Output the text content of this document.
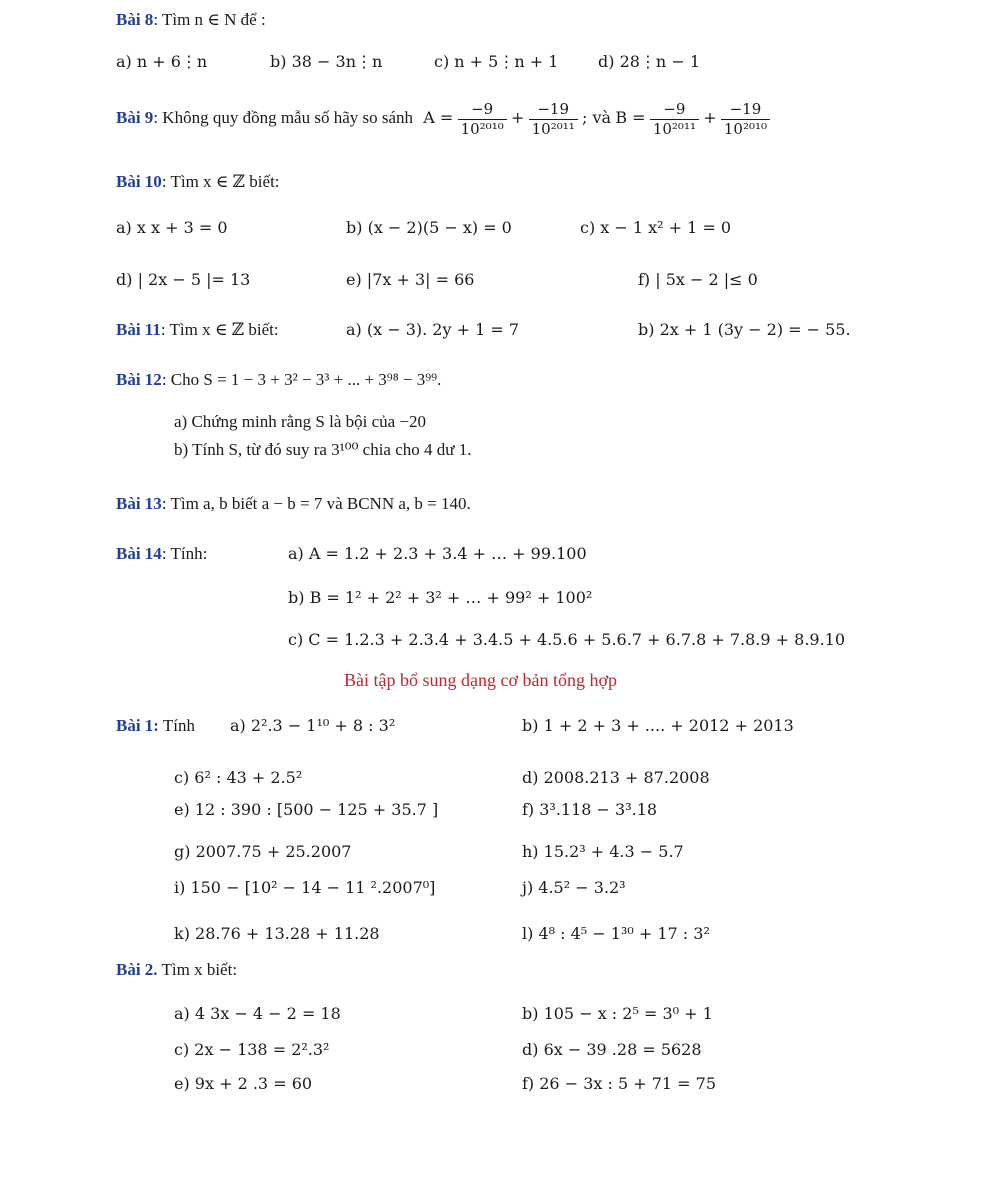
Bài 8: Tìm n ∈ N để :
a) n + 6⋮n	b) 38 − 3n⋮n	c) n + 5⋮n + 1 d) 28⋮n − 1
Bài 9: Không quy đồng mẫu số hãy so sánh $A = \frac{-9}{\text{10²⁰¹⁰}} + \frac{-19}{\text{10²⁰¹¹}}$ ; và $B = \frac{-9}{\text{10²⁰¹¹}} + \frac{-19}{\text{10²⁰¹⁰}}$
Bài 10: Tìm x ∈ ℤ biết:
a) x x + 3 = 0	b) (x − 2)(5 − x) = 0	c) x − 1 x² + 1 = 0
d) | 2x − 5 |= 13	e) |7x + 3| = 66	f) | 5x − 2 |≤ 0
Bài 11: Tìm x ∈ ℤ biết:	a) (x − 3). 2y + 1 = 7	b) 2x + 1 (3y − 2) = − 55.
Bài 12: Cho S = 1 − 3 + 3² − 3³ + ... + 3⁹⁸ − 3⁹⁹.
a) Chứng minh rằng S là bội của −20
b) Tính S, từ đó suy ra 3¹⁰⁰ chia cho 4 dư 1.
Bài 13: Tìm a, b biết a − b = 7 và BCNN a, b = 140.
Bài 14: Tính:	a) A = 1.2 + 2.3 + 3.4 + … + 99.100
b) B = 1² + 2² + 3² + … + 99² + 100²
c) C = 1.2.3 + 2.3.4 + 3.4.5 + 4.5.6 + 5.6.7 + 6.7.8 + 7.8.9 + 8.9.10
Bài tập bổ sung dạng cơ bản tổng hợp
Bài 1: Tính a) 2².3 − 1¹⁰ + 8 : 3²	b) 1 + 2 + 3 + .... + 2012 + 2013
c) 6² : 43 + 2.5²	d) 2008.213 + 87.2008
e) 12 : 390 : [500 − 125 + 35.7 ]	f) 3³.118 − 3³.18
g) 2007.75 + 25.2007	h) 15.2³ + 4.3 − 5.7
i) 150 − [10² − 14 − 11 ².2007⁰]	j) 4.5² − 3.2³
k) 28.76 + 13.28 + 11.28	l) 4⁸ : 4⁵ − 1³⁰ + 17 : 3²
Bài 2. Tìm x biết:
a) 4 3x − 4 − 2 = 18	b) 105 − x : 2⁵ = 3⁰ + 1
c) 2x − 138 = 2².3²	d) 6x − 39 .28 = 5628
e) 9x + 2 .3 = 60	f) 26 − 3x : 5 + 71 = 75
